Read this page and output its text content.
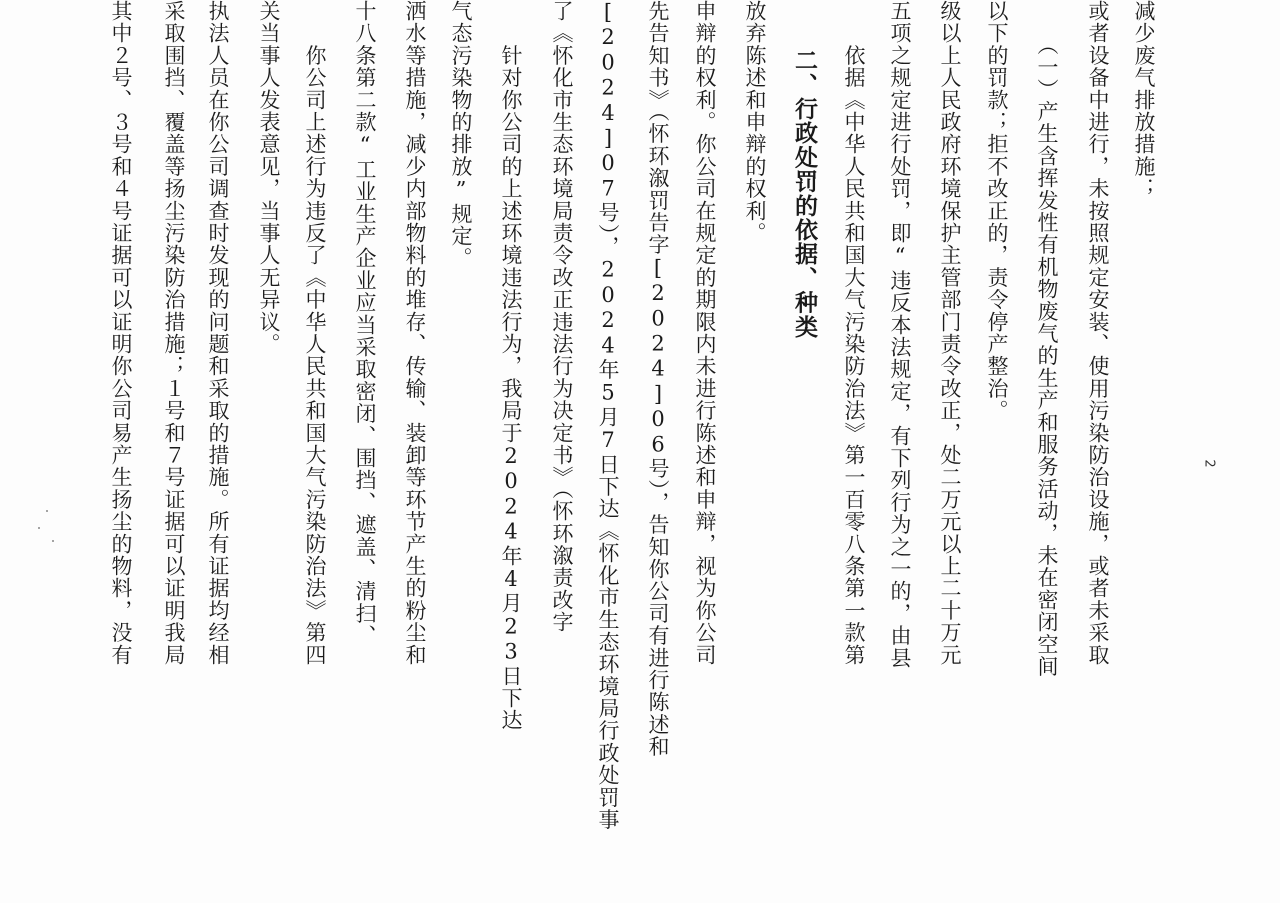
其中２号、３号和４号证据可以证明你公司易产生扬尘的物料，没有 采取围挡、覆盖等扬尘污染防治措施；１号和７号证据可以证明我局 执法人员在你公司调查时发现的问题和采取的措施。所有证据均经相 关当事人发表意见，当事人无异议。 　　你公司上述行为违反了《中华人民共和国大气污染防治法》第四 十八条第二款“工业生产企业应当采取密闭、围挡、遮盖、清扫、 洒水等措施，减少内部物料的堆存、传输、装卸等环节产生的粉尘和 气态污染物的排放”规定。 　　针对你公司的上述环境违法行为，我局于2024年4月23日下达 了《怀化市生态环境局责令改正违法行为决定书》（怀环溆责改字 [2024]07号），2024年5月7日下达《怀化市生态环境局行政处罚事 先告知书》（怀环溆罚告字[2024]06号），告知你公司有进行陈述和 申辩的权利。你公司在规定的期限内未进行陈述和申辩，视为你公司 放弃陈述和申辩的权利。 　　二、行政处罚的依据、种类 　　依据《中华人民共和国大气污染防治法》第一百零八条第一款第 五项之规定进行处罚，即“违反本法规定，有下列行为之一的，由县 级以上人民政府环境保护主管部门责令改正，处二万元以上二十万元 以下的罚款；拒不改正的，责令停产整治。 　　（一）产生含挥发性有机物废气的生产和服务活动，未在密闭空间 或者设备中进行，未按照规定安装、使用污染防治设施，或者未采取 减少废气排放措施；
2
